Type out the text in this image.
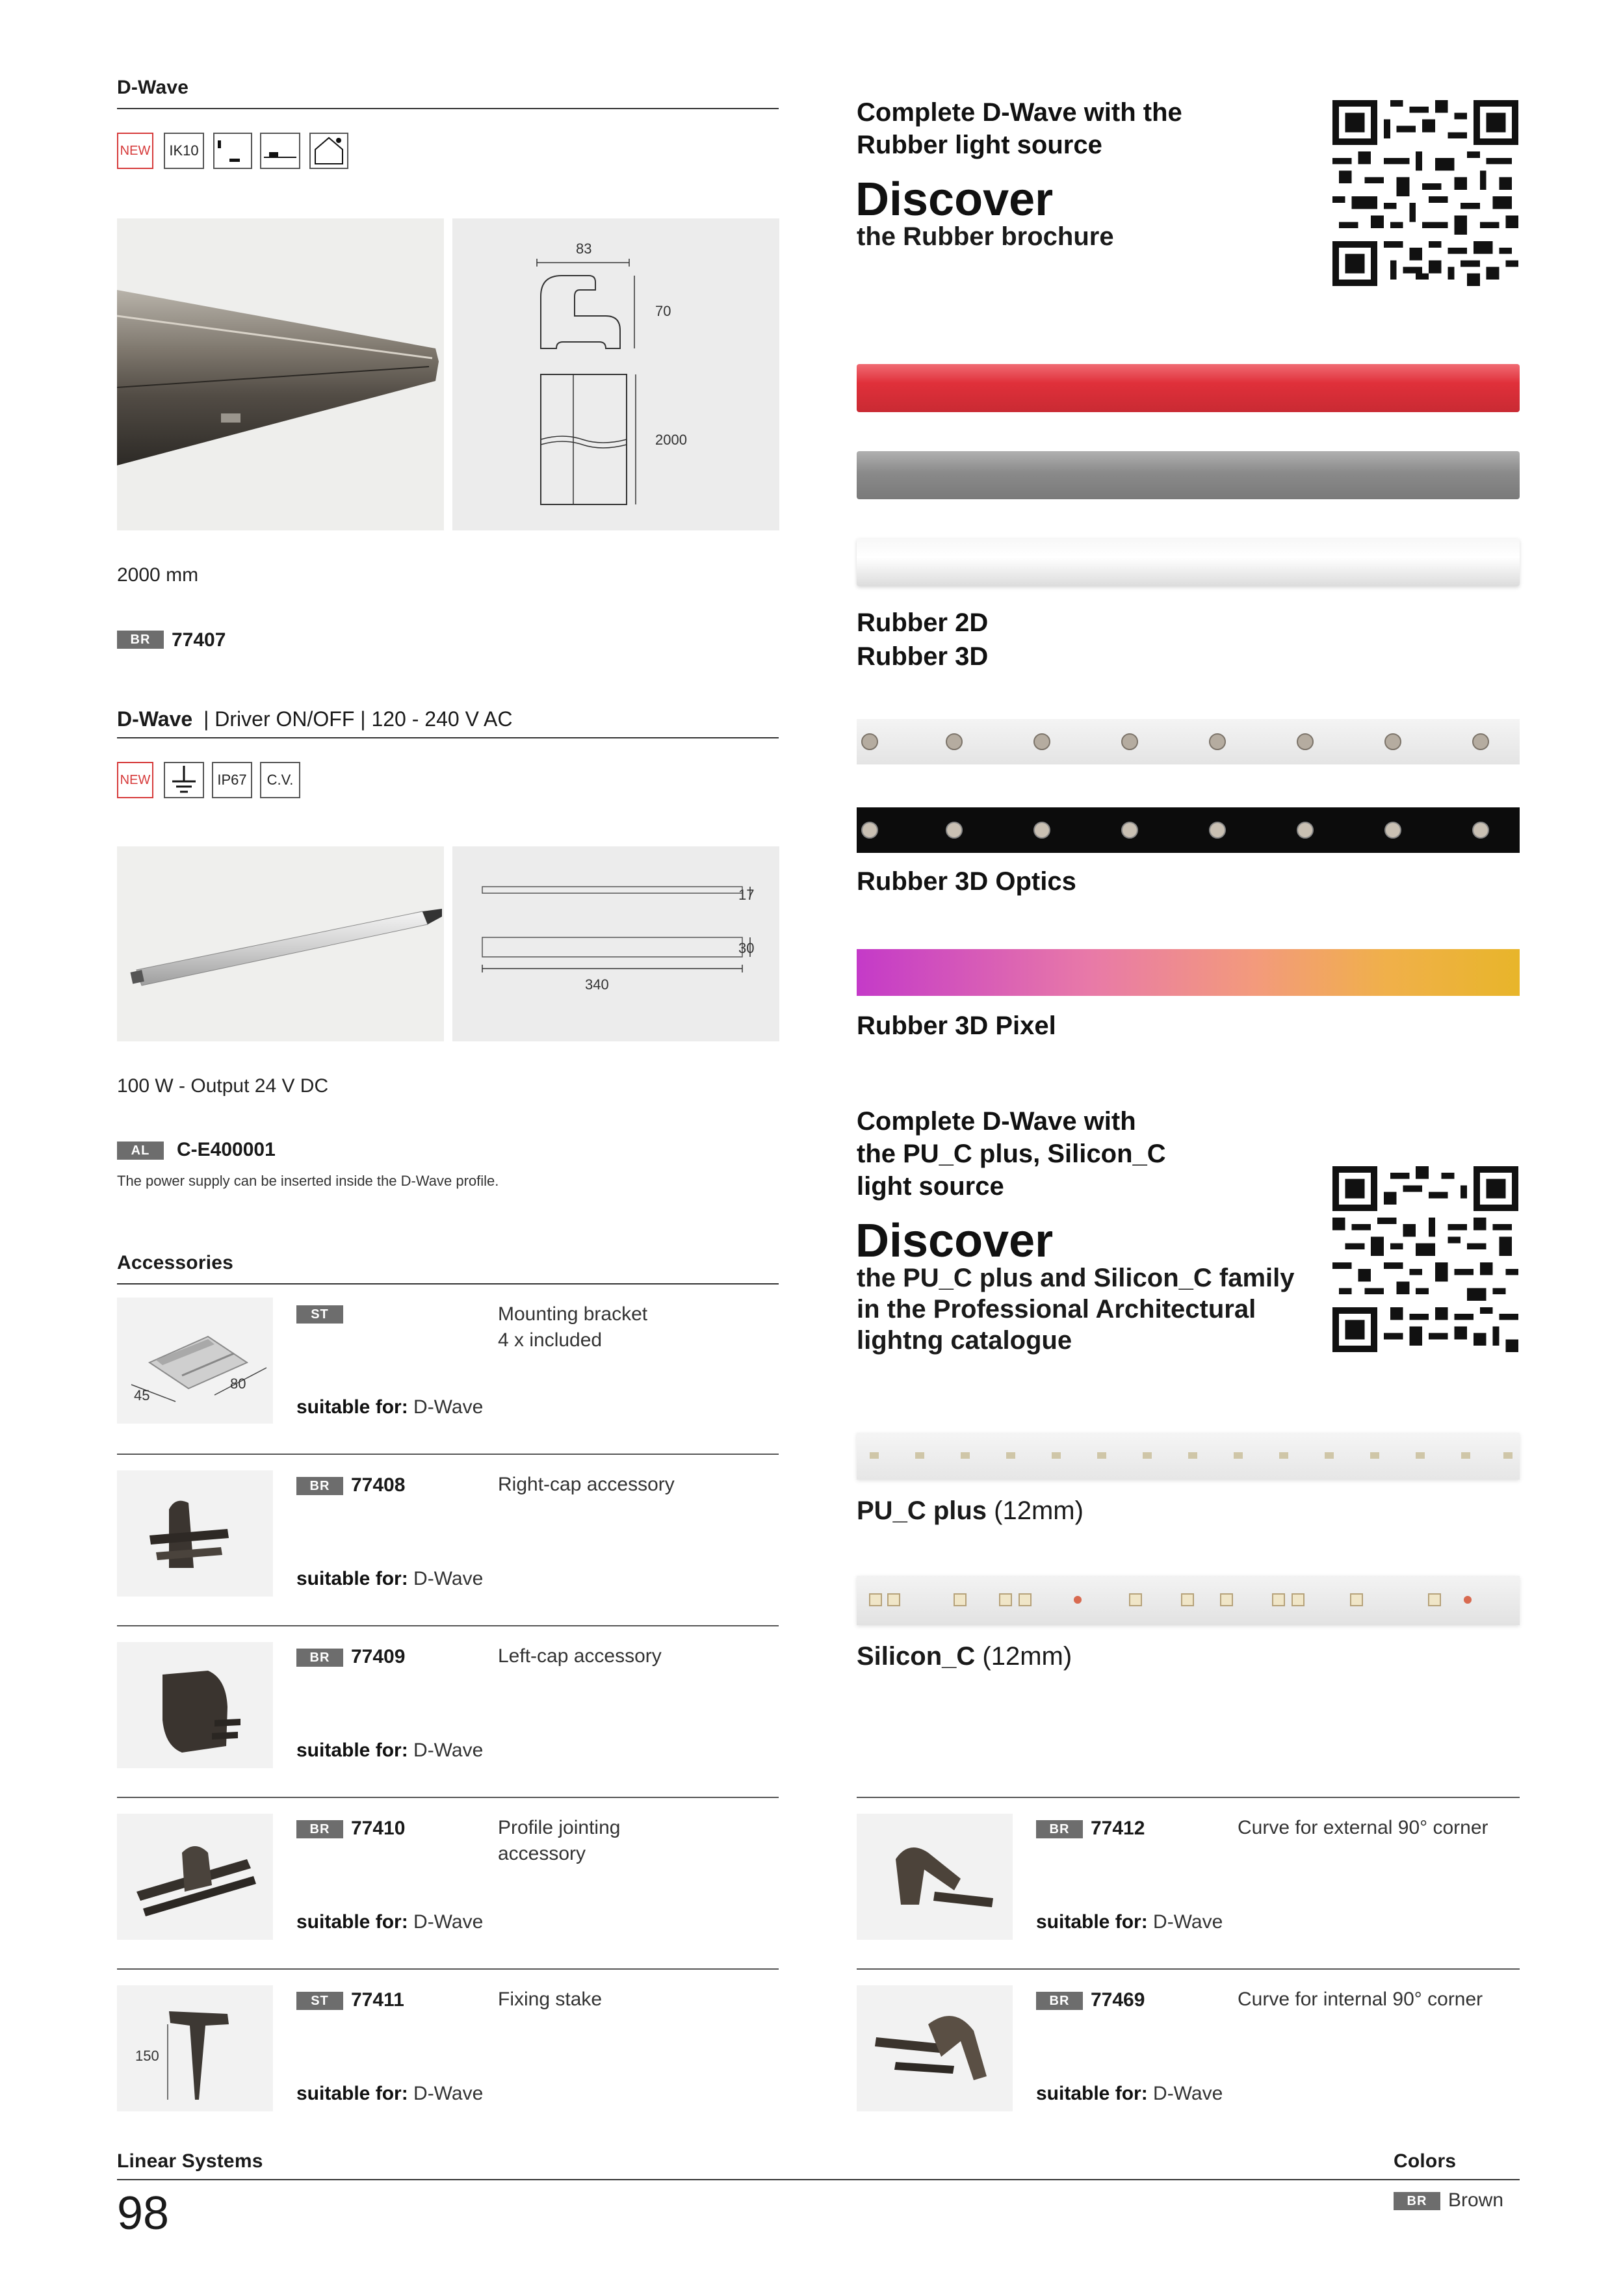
D-Wave
NEW	IK10
83
70
2000
2000 mm
BR	77407
D-Wave | Driver ON/OFF | 120 - 240 V AC
NEW	IP67	C.V.
17
30
340
100 W - Output 24 V DC
AL	C-E400001
The power supply can be inserted inside the D-Wave profile.
Accessories
45
80
ST	Mounting bracket
4 x included
suitable for: D-Wave
BR	77408	Right-cap accessory
suitable for: D-Wave
BR	77409	Left-cap accessory
suitable for: D-Wave
BR	77410	Profile jointing
accessory
suitable for: D-Wave
150
ST	77411	Fixing stake
suitable for: D-Wave
Complete D-Wave with the
Rubber light source
Discover
the Rubber brochure
Rubber 2D
Rubber 3D
Rubber 3D Optics
Rubber 3D Pixel
Complete D-Wave with
the PU_C plus, Silicon_C
light source
Discover
the PU_C plus and Silicon_C family
in the Professional Architectural
lightng catalogue
PU_C plus (12mm)
Silicon_C (12mm)
BR	77412	Curve for external 90° corner
suitable for: D-Wave
BR	77469	Curve for internal 90° corner
suitable for: D-Wave
Linear Systems	Colors
98	BR	Brown
